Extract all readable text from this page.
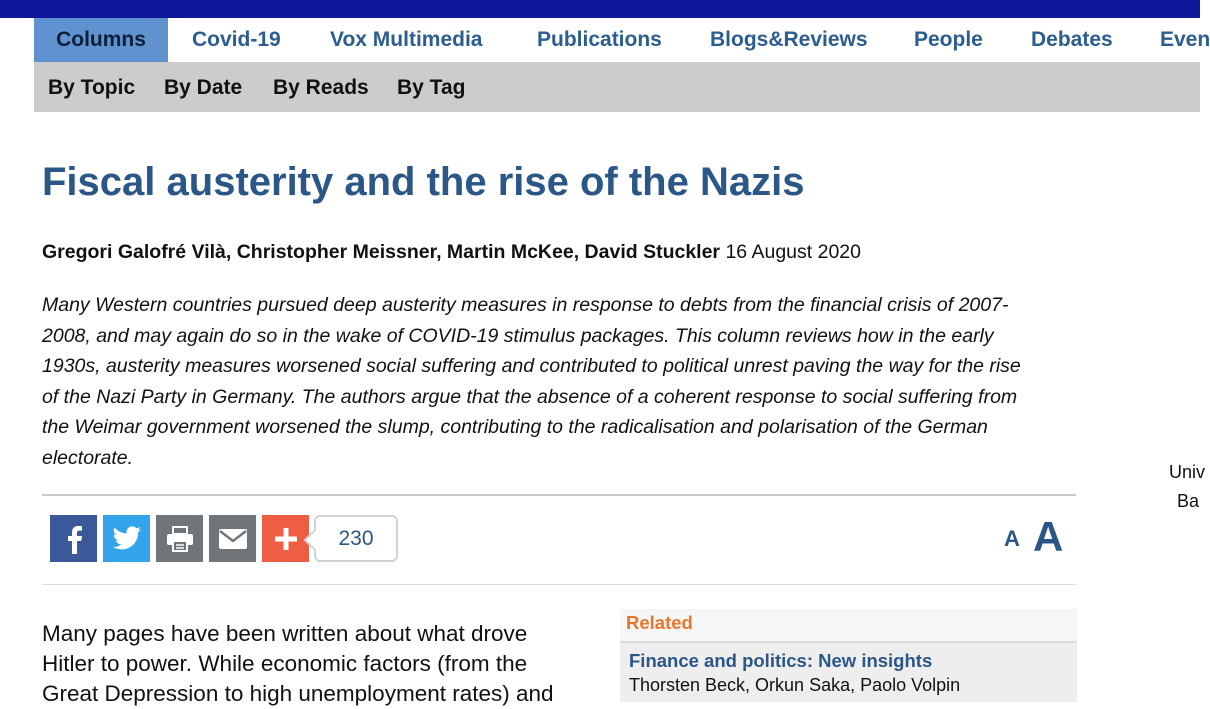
Columns	Covid-19 Vox Multimedia	Publications Blogs&Reviews People Debates Even
By Topic By Date By Reads By Tag
Fiscal austerity and the rise of the Nazis
Gregori Galofré Vilà, Christopher Meissner, Martin McKee, David Stuckler 16 August 2020
Many Western countries pursued deep austerity measures in response to debts from the financial crisis of 2007-
2008, and may again do so in the wake of COVID-19 stimulus packages. This column reviews how in the early
1930s, austerity measures worsened social suffering and contributed to political unrest paving the way for the rise
of the Nazi Party in Germany. The authors argue that the absence of a coherent response to social suffering from
the Weimar government worsened the slump, contributing to the radicalisation and polarisation of the German
electorate.
230	A A
Many pages have been written about what drove
Hitler to power. While economic factors (from the
Great Depression to high unemployment rates) and
Related
Finance and politics: New insights
Thorsten Beck, Orkun Saka, Paolo Volpin
Univ
Ba
